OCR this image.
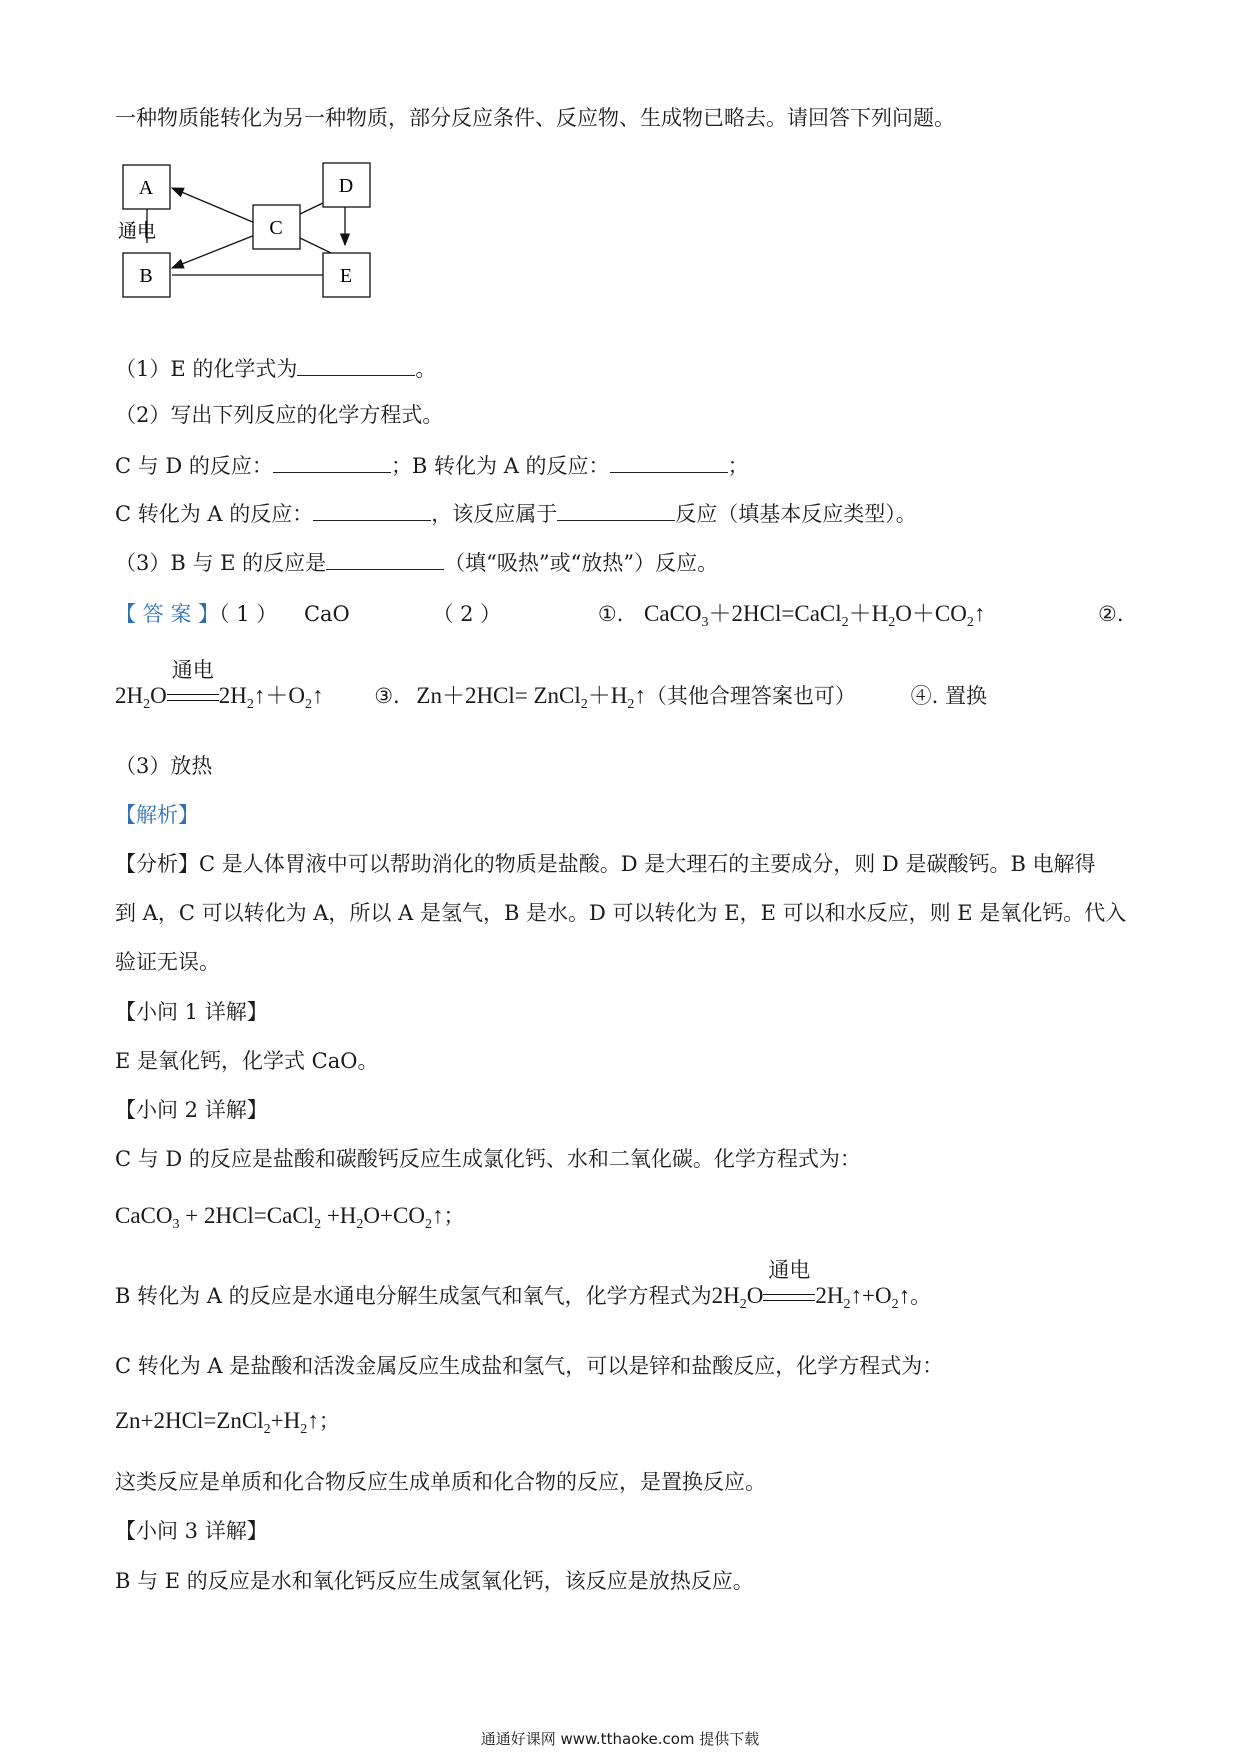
一种物质能转化为另一种物质，部分反应条件、反应物、生成物已略去。请回答下列问题。
A
B
C
D
E
通电
（1）E 的化学式为	。
（2）写出下列反应的化学方程式。
C 与 D 的反应：	；B 转化为 A 的反应：	；
C 转化为 A 的反应：	，该反应属于	反应（填基本反应类型）。
（3）B 与 E 的反应是	（填“吸热”或“放热”）反应。
【 答 案 】（ 1 ） CaO	（ 2 ）	①. $CaCO_3+2HCl=CaCl_2+H_2O+CO_2↑$	②.
$2H_2O$
通电
$2H_2↑+O_2↑$ ③. $Zn+2HCl= ZnCl_2+H_2↑$（其他合理答案也可）	④. 置换
（3）放热
【解析】
【分析】C 是人体胃液中可以帮助消化的物质是盐酸。D 是大理石的主要成分，则 D 是碳酸钙。B 电解得
到 A，C 可以转化为 A，所以 A 是氢气，B 是水。D 可以转化为 E，E 可以和水反应，则 E 是氧化钙。代入
验证无误。
【小问 1 详解】
E 是氧化钙，化学式 CaO。
【小问 2 详解】
C 与 D 的反应是盐酸和碳酸钙反应生成氯化钙、水和二氧化碳。化学方程式为：
CaCO$_3$ + 2HCl=CaCl$_2$ $+H_2O+CO_2↑$；
B 转化为 A 的反应是水通电分解生成氢气和氧气，化学方程式为$2H_2O$
通电
$2H_2↑+O_2↑$。
C 转化为 A 是盐酸和活泼金属反应生成盐和氢气，可以是锌和盐酸反应，化学方程式为：
$Zn+2HCl=ZnCl_2+H_2↑$；
这类反应是单质和化合物反应生成单质和化合物的反应，是置换反应。
【小问 3 详解】
B 与 E 的反应是水和氧化钙反应生成氢氧化钙，该反应是放热反应。
通通好课网 www.tthaoke.com 提供下载
